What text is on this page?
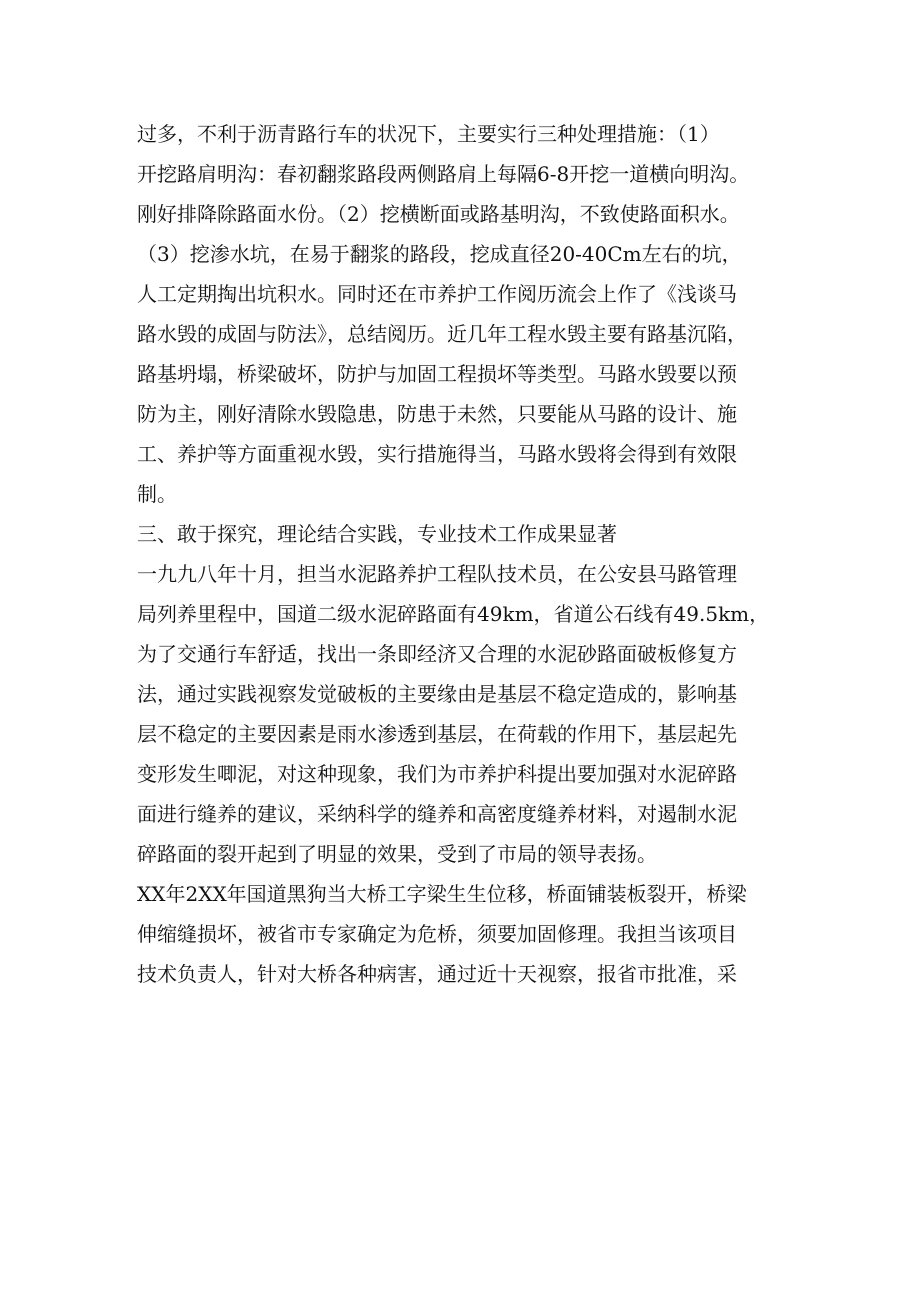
过多，不利于沥青路行车的状况下，主要实行三种处理措施：（1）
开挖路肩明沟：春初翻浆路段两侧路肩上每隔6-8开挖一道横向明沟。
刚好排降除路面水份。（2）挖横断面或路基明沟，不致使路面积水。
（3）挖渗水坑，在易于翻浆的路段，挖成直径20-40Cm左右的坑，
人工定期掏出坑积水。同时还在市养护工作阅历流会上作了《浅谈马
路水毁的成固与防法》，总结阅历。近几年工程水毁主要有路基沉陷，
路基坍塌，桥梁破坏，防护与加固工程损坏等类型。马路水毁要以预
防为主，刚好清除水毁隐患，防患于未然，只要能从马路的设计、施
工、养护等方面重视水毁，实行措施得当，马路水毁将会得到有效限
制。
三、敢于探究，理论结合实践，专业技术工作成果显著
一九九八年十月，担当水泥路养护工程队技术员，在公安县马路管理
局列养里程中，国道二级水泥碎路面有49km，省道公石线有49.5km，
为了交通行车舒适，找出一条即经济又合理的水泥砂路面破板修复方
法，通过实践视察发觉破板的主要缘由是基层不稳定造成的，影响基
层不稳定的主要因素是雨水渗透到基层，在荷载的作用下，基层起先
变形发生唧泥，对这种现象，我们为市养护科提出要加强对水泥碎路
面进行缝养的建议，采纳科学的缝养和高密度缝养材料，对遏制水泥
碎路面的裂开起到了明显的效果，受到了市局的领导表扬。
XX年2XX年国道黑狗当大桥工字梁生生位移，桥面铺装板裂开，桥梁
伸缩缝损坏，被省市专家确定为危桥，须要加固修理。我担当该项目
技术负责人，针对大桥各种病害，通过近十天视察，报省市批准，采
